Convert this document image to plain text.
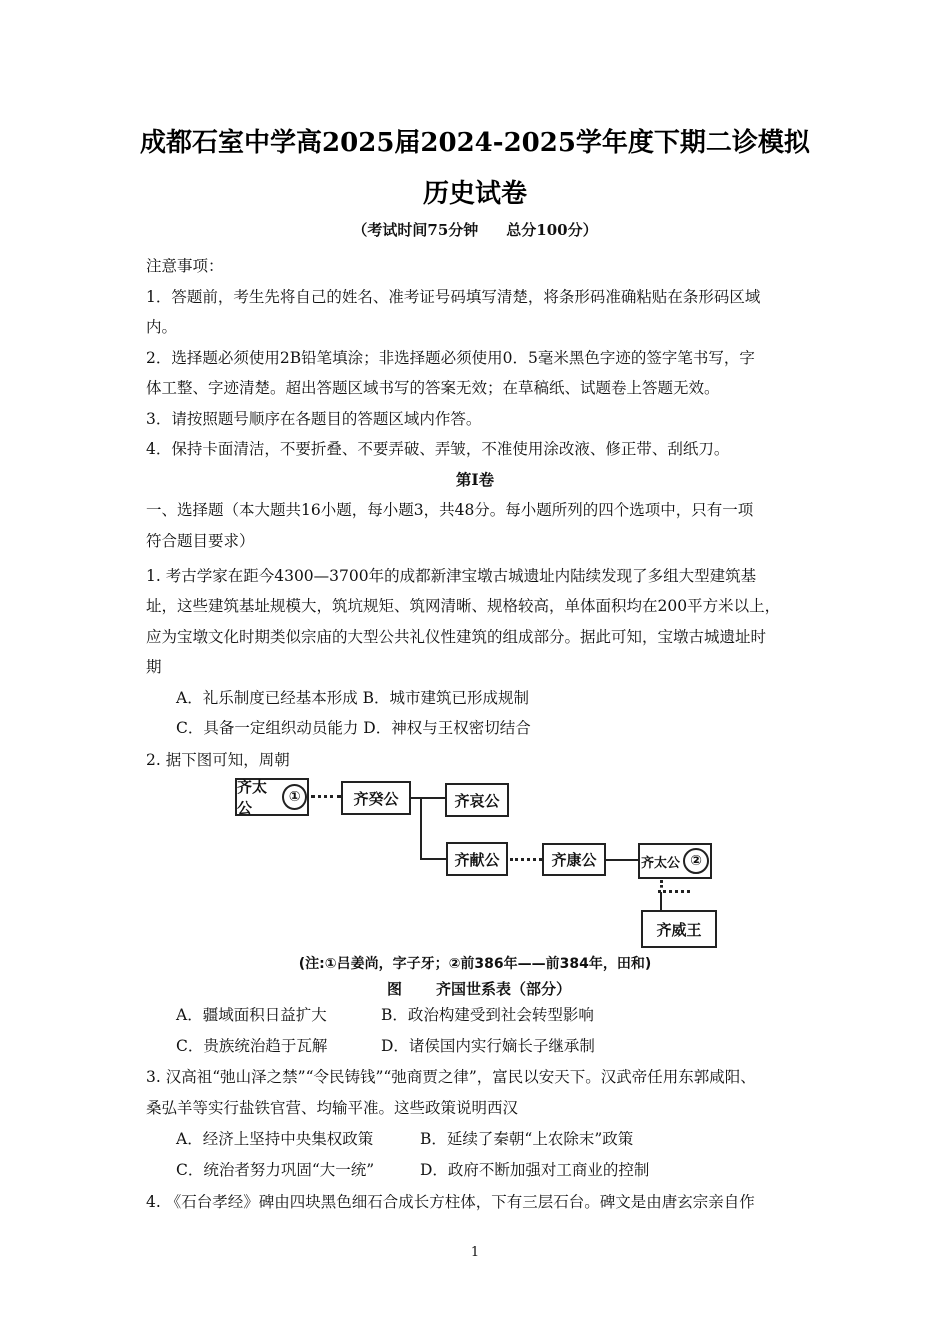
成都石室中学高2025届2024-2025学年度下期二诊模拟
历史试卷
（考试时间75分钟 总分100分）
注意事项：
1．答题前，考生先将自己的姓名、准考证号码填写清楚，将条形码准确粘贴在条形码区域
内。
2．选择题必须使用2B铅笔填涂；非选择题必须使用0．5毫米黑色字迹的签字笔书写，字
体工整、字迹清楚。超出答题区域书写的答案无效；在草稿纸、试题卷上答题无效。
3．请按照题号顺序在各题目的答题区域内作答。
4．保持卡面清洁，不要折叠、不要弄破、弄皱，不准使用涂改液、修正带、刮纸刀。
第Ⅰ卷
一、选择题（本大题共16小题，每小题3，共48分。每小题所列的四个选项中，只有一项
符合题目要求）
1. 考古学家在距今4300—3700年的成都新津宝墩古城遗址内陆续发现了多组大型建筑基
址，这些建筑基址规模大，筑坑规矩、筑网清晰、规格较高，单体面积均在200平方米以上，
应为宝墩文化时期类似宗庙的大型公共礼仪性建筑的组成部分。据此可知，宝墩古城遗址时
期
A．礼乐制度已经基本形成 B．城市建筑已形成规制
C．具备一定组织动员能力 D．神权与王权密切结合
2. 据下图可知，周朝
齐太公
①	齐癸公	齐哀公
齐献公	齐康公	齐太公 ②
齐威王
(注:①吕姜尚，字子牙；②前386年——前384年，田和)
图 齐国世系表（部分）
A．疆域面积日益扩大	B．政治构建受到社会转型影响
C．贵族统治趋于瓦解	D．诸侯国内实行嫡长子继承制
3. 汉高祖“弛山泽之禁”“令民铸钱”“弛商贾之律”，富民以安天下。汉武帝任用东郭咸阳、
桑弘羊等实行盐铁官营、均输平准。这些政策说明西汉
A．经济上坚持中央集权政策	B．延续了秦朝“上农除末”政策
C．统治者努力巩固“大一统”	D．政府不断加强对工商业的控制
4. 《石台孝经》碑由四块黑色细石合成长方柱体，下有三层石台。碑文是由唐玄宗亲自作
1
